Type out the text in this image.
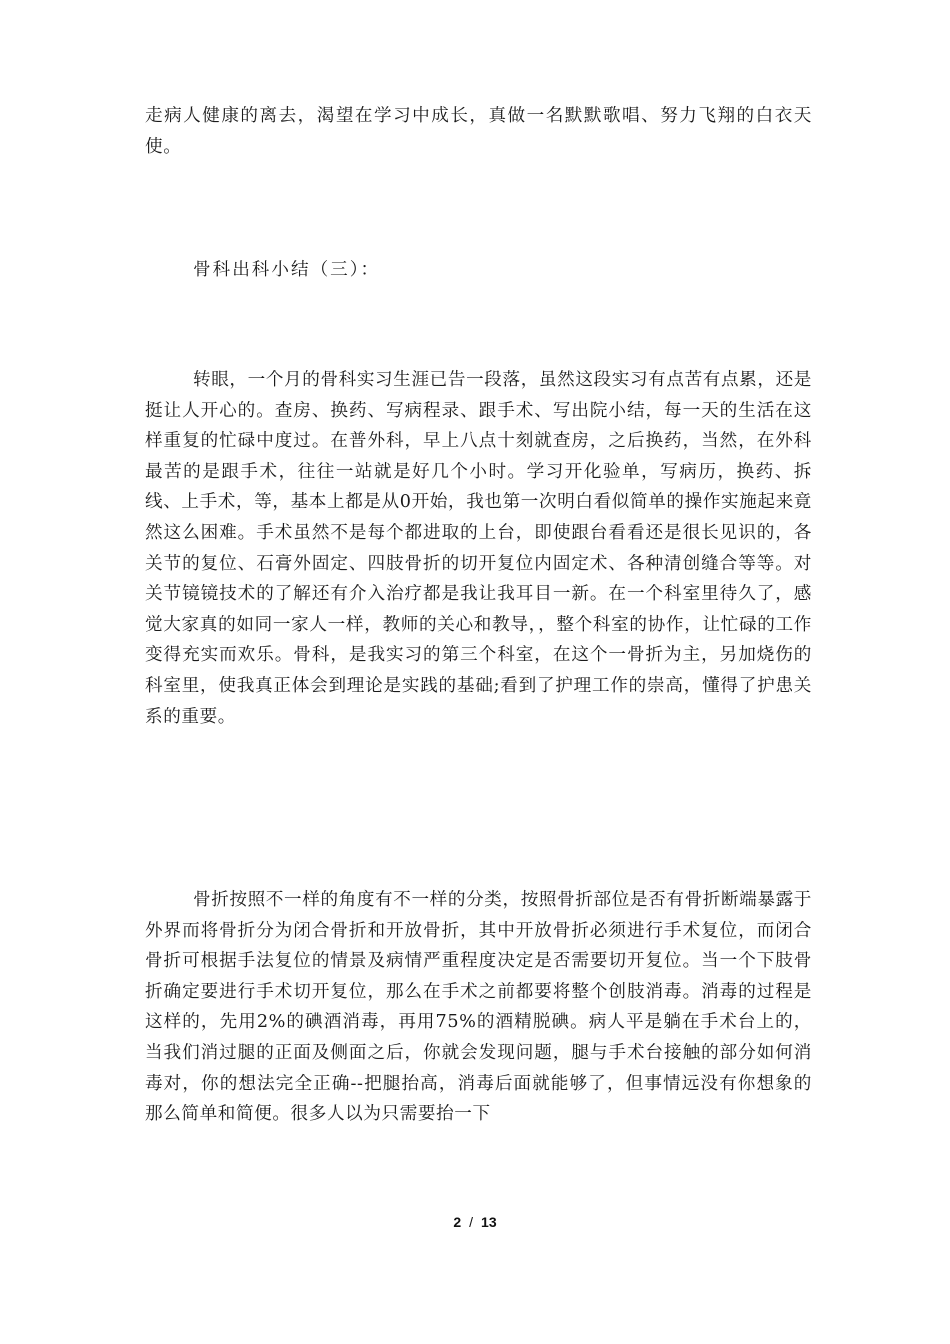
走病人健康的离去，渴望在学习中成长，真做一名默默歌唱、努力飞翔的白衣天使。

骨科出科小结（三）：

转眼，一个月的骨科实习生涯已告一段落，虽然这段实习有点苦有点累，还是挺让人开心的。查房、换药、写病程录、跟手术、写出院小结，每一天的生活在这样重复的忙碌中度过。在普外科，早上八点十刻就查房，之后换药，当然，在外科最苦的是跟手术，往往一站就是好几个小时。学习开化验单，写病历，换药、拆线、上手术，等，基本上都是从0开始，我也第一次明白看似简单的操作实施起来竟然这么困难。手术虽然不是每个都进取的上台，即使跟台看看还是很长见识的，各关节的复位、石膏外固定、四肢骨折的切开复位内固定术、各种清创缝合等等。对关节镜镜技术的了解还有介入治疗都是我让我耳目一新。在一个科室里待久了，感觉大家真的如同一家人一样，教师的关心和教导，，整个科室的协作，让忙碌的工作变得充实而欢乐。骨科，是我实习的第三个科室，在这个一骨折为主，另加烧伤的科室里，使我真正体会到理论是实践的基础;看到了护理工作的崇高，懂得了护患关系的重要。

骨折按照不一样的角度有不一样的分类，按照骨折部位是否有骨折断端暴露于外界而将骨折分为闭合骨折和开放骨折，其中开放骨折必须进行手术复位，而闭合骨折可根据手法复位的情景及病情严重程度决定是否需要切开复位。当一个下肢骨折确定要进行手术切开复位，那么在手术之前都要将整个创肢消毒。消毒的过程是这样的，先用2%的碘酒消毒，再用75%的酒精脱碘。病人平是躺在手术台上的，当我们消过腿的正面及侧面之后，你就会发现问题，腿与手术台接触的部分如何消毒对，你的想法完全正确--把腿抬高，消毒后面就能够了，但事情远没有你想象的那么简单和简便。很多人以为只需要抬一下

2 / 13
